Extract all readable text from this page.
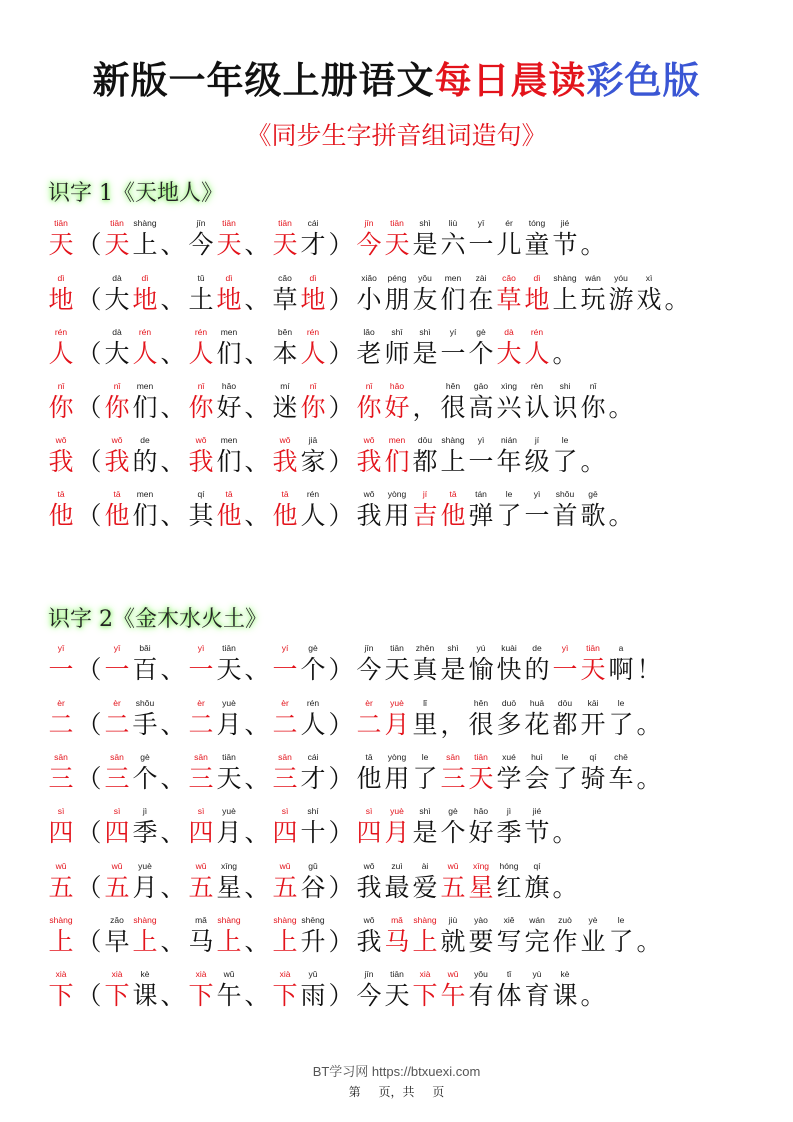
新版一年级上册语文每日晨读彩色版
《同步生字拼音组词造句》
识字 1《天地人》
识字 2《金木水火土》
tiān
天 （
tiān
天
shàng
上 、
jīn
今
tiān
天 、
tiān
天
cái
才 ）
jīn
今
tiān
天
shì
是
liù
六
yī
一
ér
儿
tóng
童
jié
节 。
dì
地 （
dà
大
dì
地 、
tǔ
土
dì
地 、
cǎo
草
dì
地 ）
xiǎo
小
péng
朋
yǒu
友
men
们
zài
在
cǎo
草
dì
地
shàng
上
wán
玩
yóu
游
xì
戏 。
rén
人 （
dà
大
rén
人 、
rén
人
men
们 、
běn
本
rén
人 ）
lǎo
老
shī
师
shì
是
yí
一
gè
个
dà
大
rén
人 。
nǐ
你 （
nǐ
你
men
们 、
nǐ
你
hǎo
好 、
mí
迷
nǐ
你 ）
nǐ
你
hǎo
好 ，
hěn
很
gāo
高
xìng
兴
rèn
认
shi
识
nǐ
你 。
wǒ
我 （
wǒ
我
de
的 、
wǒ
我
men
们 、
wǒ
我
jiā
家 ）
wǒ
我
men
们
dōu
都
shàng
上
yì
一
nián
年
jí
级
le
了 。
tā
他 （
tā
他
men
们 、
qí
其
tā
他 、
tā
他
rén
人 ）
wǒ
我
yòng
用
jí
吉
tā
他
tán
弹
le
了
yì
一
shǒu
首
gē
歌 。
yī
一 （
yī
一
bǎi
百 、
yì
一
tiān
天 、
yí
一
gè
个 ）
jīn
今
tiān
天
zhēn
真
shì
是
yú
愉
kuài
快
de
的
yì
一
tiān
天
a
啊 ！
èr
二 （
èr
二
shǒu
手 、
èr
二
yuè
月 、
èr
二
rén
人 ）
èr
二
yuè
月
lǐ
里 ，
hěn
很
duō
多
huā
花
dōu
都
kāi
开
le
了 。
sān
三 （
sān
三
gè
个 、
sān
三
tiān
天 、
sān
三
cái
才 ）
tā
他
yòng
用
le
了
sān
三
tiān
天
xué
学
huì
会
le
了
qí
骑
chē
车 。
sì
四 （
sì
四
jì
季 、
sì
四
yuè
月 、
sì
四
shí
十 ）
sì
四
yuè
月
shì
是
gè
个
hǎo
好
jì
季
jié
节 。
wǔ
五 （
wǔ
五
yuè
月 、
wǔ
五
xīng
星 、
wǔ
五
gǔ
谷 ）
wǒ
我
zuì
最
ài
爱
wǔ
五
xīng
星
hóng
红
qí
旗 。
shàng
上 （
zǎo
早
shàng
上 、
mǎ
马
shàng
上 、
shàng
上
shēng
升 ）
wǒ
我
mǎ
马
shàng
上
jiù
就
yào
要
xiě
写
wán
完
zuò
作
yè
业
le
了 。
xià
下 （
xià
下
kè
课 、
xià
下
wǔ
午 、
xià
下
yǔ
雨 ）
jīn
今
tiān
天
xià
下
wǔ
午
yǒu
有
tǐ
体
yù
育
kè
课 。
BT学习网 https://btxuexi.com
第 页，共 页
